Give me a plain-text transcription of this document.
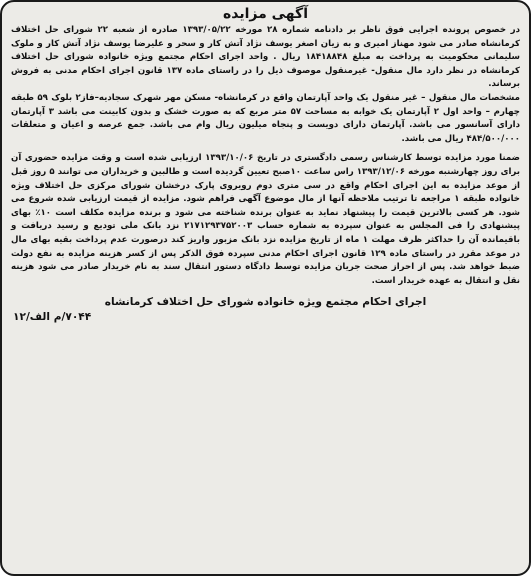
آگهی مزایده

در خصوص پرونده اجرایی فوق ناظر بر دادنامه شماره ۲۸ مورخه ۱۳۹۳/۰۵/۲۲ صادره از شعبه ۲۲ شورای حل اختلاف کرمانشاه صادر می شود مهناز امیری و به زیان اصغر یوسف نژاد آتش کار و سحر و علیرضا یوسف نژاد آتش کار و ملوک سلیمانی محکومیت به پرداخت به مبلغ ۱۸۴۱۸۸۴۸ ریال . واحد اجرای احکام مجتمع ویژه خانواده شورای حل اختلاف کرمانشاه در نظر دارد مال منقول- غیرمنقول موصوف ذیل را در راستای ماده ۱۳۷ قانون اجرای احکام مدنی به فروش برساند.

مشخصات مال منقول – غیر منقول یک واحد آپارتمان واقع در کرمانشاه- مسکن مهر شهرک سجادیه–فاز۲ بلوک ۵۹ طبقه چهارم – واحد اول ۲ آپارتمان یک خوابه به مساحت ۵۷ متر مربع که به صورت خشک و بدون کابینت می باشد ۳ آپارتمان دارای آسانسور می باشد. آپارتمان دارای دویست و پنجاه میلیون ریال وام می باشد. جمع عرصه و اعیان و متعلقات ۴۸۴/۵۰۰/۰۰۰ ریال می باشد.

ضمنا مورد مزایده توسط کارشناس رسمی دادگستری در تاریخ ۱۳۹۳/۱۰/۰۶ ارزیابی شده است و وقت مزایده حضوری آن برای روز چهارشنبه مورخه ۱۳۹۳/۱۲/۰۶ راس ساعت ۱۰صبح تعیین گردیده است و طالبین و خریداران می توانند ۵ روز قبل از موعد مزایده به این اجرای احکام واقع در سی متری دوم رویروی پارک درخشان شورای مرکزی حل اختلاف ویژه خانواده طبقه ۱ مراجعه تا ترتیب ملاحظه آنها از مال موضوع آگهی فراهم شود. مزایده از قیمت ارزیابی شده شروع می شود. هر کسی بالاترین قیمت را پیشنهاد نماید به عنوان برنده شناخته می شود و برنده مزایده مکلف است ۱۰٪ بهای پیشنهادی را فی المجلس به عنوان سپرده به شماره حساب ۲۱۷۱۲۹۳۷۵۲۰۰۳ نزد بانک ملی تودیع و رسید دریافت و باقیمانده آن را حداکثر ظرف مهلت ۱ ماه از تاریخ مزایده نزد بانک مزبور واریز کند درصورت عدم پرداخت بقیه بهای مال در موعد مقرر در راستای ماده ۱۲۹ قانون اجرای احکام مدنی سپرده فوق الذکر پس از کسر هزینه مزایده به نفع دولت ضبط خواهد شد. پس از احراز صحت جریان مزایده توسط دادگاه دستور انتقال سند به نام خریدار صادر می شود هزینه نقل و انتقال به عهده خریدار است.

اجرای احکام مجتمع ویژه خانواده شورای حل اختلاف کرمانشاه
۷۰۴۴/م الف/۱۲
